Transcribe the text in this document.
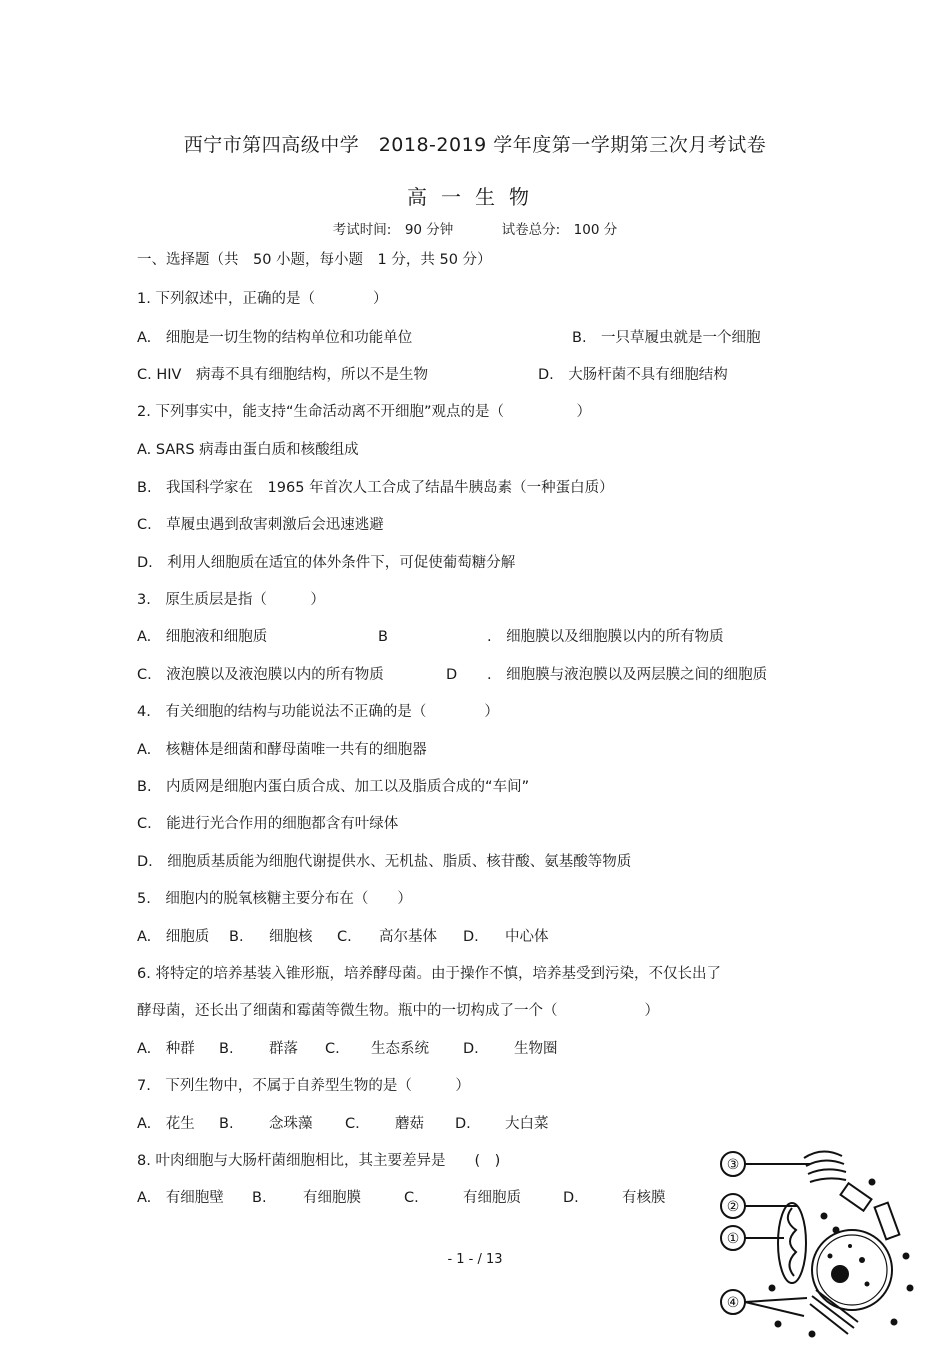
西宁市第四高级中学　2018-2019 学年度第一学期第三次月考试卷
高一生物
考试时间:　90 分钟	试卷总分:　100 分
一、选择题（共　50 小题，每小题　1 分，共 50 分）
1. 下列叙述中，正确的是（　　　　）
A.　细胞是一切生物的结构单位和功能单位	B.　一只草履虫就是一个细胞
C. HIV　病毒不具有细胞结构，所以不是生物	D.　大肠杆菌不具有细胞结构
2. 下列事实中，能支持“生命活动离不开细胞”观点的是（　　　　　）
A. SARS 病毒由蛋白质和核酸组成
B.　我国科学家在　1965 年首次人工合成了结晶牛胰岛素（一种蛋白质）
C.　草履虫遇到敌害刺激后会迅速逃避
D.　利用人细胞质在适宜的体外条件下，可促使葡萄糖分解
3.　原生质层是指（　　　）
A.　细胞液和细胞质	B	.　细胞膜以及细胞膜以内的所有物质
C.　液泡膜以及液泡膜以内的所有物质	D .　细胞膜与液泡膜以及两层膜之间的细胞质
4.　有关细胞的结构与功能说法不正确的是（　　　　）
A.　核糖体是细菌和酵母菌唯一共有的细胞器
B.　内质网是细胞内蛋白质合成、加工以及脂质合成的“车间”
C.　能进行光合作用的细胞都含有叶绿体
D.　细胞质基质能为细胞代谢提供水、无机盐、脂质、核苷酸、氨基酸等物质
5.　细胞内的脱氧核糖主要分布在（　　）
A.　细胞质 B. 细胞核 C. 高尔基体 D. 中心体
6. 将特定的培养基装入锥形瓶，培养酵母菌。由于操作不慎，培养基受到污染，不仅长出了
酵母菌，还长出了细菌和霉菌等微生物。瓶中的一切构成了一个（　　　　　　）
A.　种群 B. 群落 C. 生态系统 D. 生物圈
7.　下列生物中，不属于自养型生物的是（　　　）
A.　花生 B. 念珠藻 C. 蘑菇 D. 大白菜
8. 叶肉细胞与大肠杆菌细胞相比，其主要差异是　　(　)
A.　有细胞壁 B.	有细胞膜	C.	有细胞质	D.	有核膜
③
②
①
④
- 1 - / 13
